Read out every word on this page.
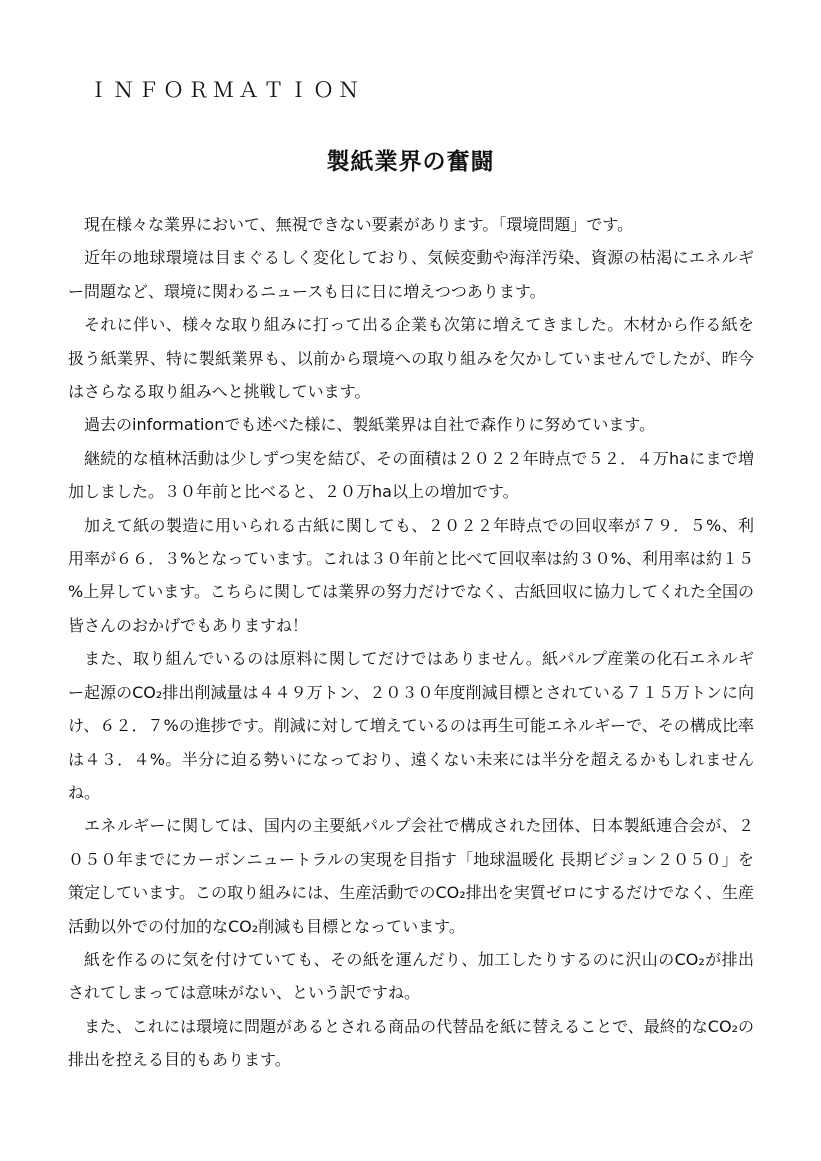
ＩＮＦＯＲＭＡＴＩＯＮ
製紙業界の奮闘

現在様々な業界において、無視できない要素があります。「環境問題」です。

近年の地球環境は目まぐるしく変化しており、気候変動や海洋汚染、資源の枯渇にエネルギー問題など、環境に関わるニュースも日に日に増えつつあります。

それに伴い、様々な取り組みに打って出る企業も次第に増えてきました。木材から作る紙を扱う紙業界、特に製紙業界も、以前から環境への取り組みを欠かしていませんでしたが、昨今はさらなる取り組みへと挑戦しています。

過去のinformationでも述べた様に、製紙業界は自社で森作りに努めています。

継続的な植林活動は少しずつ実を結び、その面積は２０２２年時点で５２．４万haにまで増加しました。３０年前と比べると、２０万ha以上の増加です。

加えて紙の製造に用いられる古紙に関しても、２０２２年時点での回収率が７９．５%、利用率が６６．３%となっています。これは３０年前と比べて回収率は約３０%、利用率は約１５%上昇しています。こちらに関しては業界の努力だけでなく、古紙回収に協力してくれた全国の皆さんのおかげでもありますね！

また、取り組んでいるのは原料に関してだけではありません。紙パルプ産業の化石エネルギー起源のCO₂排出削減量は４４９万トン、２０３０年度削減目標とされている７１５万トンに向け、６２．７%の進捗です。削減に対して増えているのは再生可能エネルギーで、その構成比率は４３．４%。半分に迫る勢いになっており、遠くない未来には半分を超えるかもしれませんね。

エネルギーに関しては、国内の主要紙パルプ会社で構成された団体、日本製紙連合会が、２０５０年までにカーボンニュートラルの実現を目指す「地球温暖化 長期ビジョン２０５０」を策定しています。この取り組みには、生産活動でのCO₂排出を実質ゼロにするだけでなく、生産活動以外での付加的なCO₂削減も目標となっています。

紙を作るのに気を付けていても、その紙を運んだり、加工したりするのに沢山のCO₂が排出されてしまっては意味がない、という訳ですね。

また、これには環境に問題があるとされる商品の代替品を紙に替えることで、最終的なCO₂の排出を控える目的もあります。
